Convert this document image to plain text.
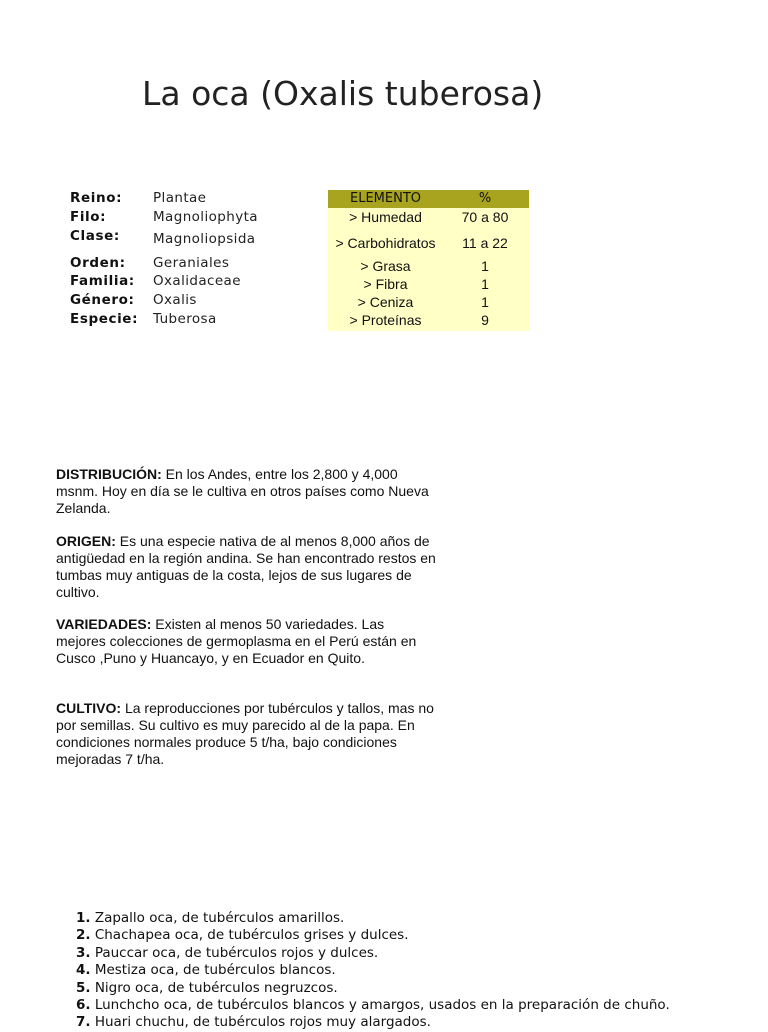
La oca (Oxalis tuberosa)
Reino: Plantae
Filo:	Magnoliophyta
Clase: Magnoliopsida
Orden: Geraniales
Familia: Oxalidaceae
Género: Oxalis
Especie: Tuberosa
ELEMENTO	%
> Humedad	70 a 80
> Carbohidratos	11 a 22
> Grasa	1
> Fibra	1
> Ceniza	1
> Proteínas	9

DISTRIBUCIÓN: En los Andes, entre los 2,800 y 4,000 msnm. Hoy en día se le cultiva en otros países como Nueva Zelanda.

ORIGEN: Es una especie nativa de al menos 8,000 años de antigüedad en la región andina. Se han encontrado restos en tumbas muy antiguas de la costa, lejos de sus lugares de cultivo.

VARIEDADES: Existen al menos 50 variedades. Las mejores colecciones de germoplasma en el Perú están en Cusco ,Puno y Huancayo, y en Ecuador en Quito.

CULTIVO: La reproducciones por tubérculos y tallos, mas no por semillas. Su cultivo es muy parecido al de la papa. En condiciones normales produce 5 t/ha, bajo condiciones mejoradas 7 t/ha.

1. Zapallo oca, de tubérculos amarillos.
2. Chachapea oca, de tubérculos grises y dulces.
3. Pauccar oca, de tubérculos rojos y dulces.
4. Mestiza oca, de tubérculos blancos.
5. Nigro oca, de tubérculos negruzcos.
6. Lunchcho oca, de tubérculos blancos y amargos, usados en la preparación de chuño.
7. Huari chuchu, de tubérculos rojos muy alargados.
